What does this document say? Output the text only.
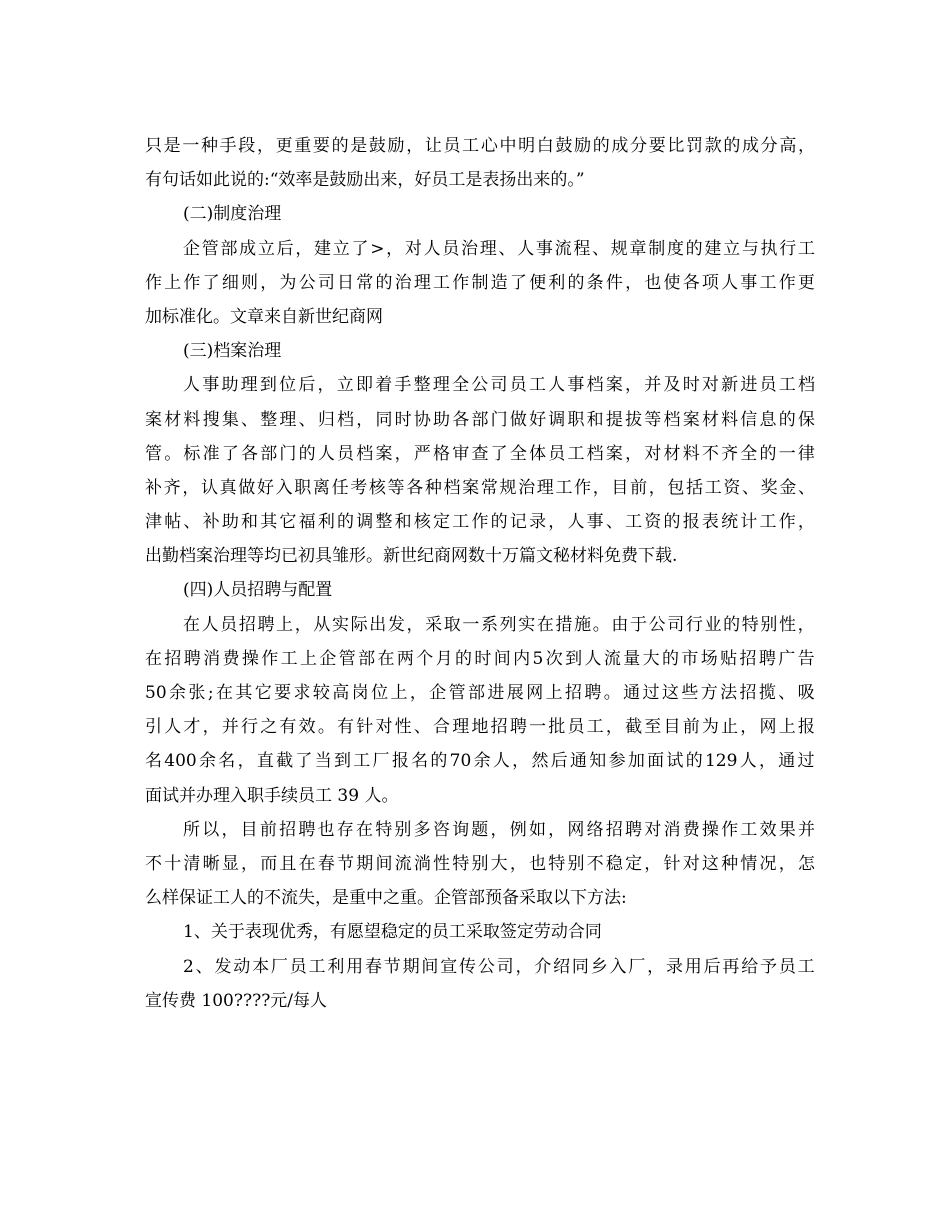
只 是 一 种 手 段 ， 更 重 要 的 是 鼓 励 ， 让 员 工 心 中 明 白 鼓 励 的 成 分 要 比 罚 款 的 成 分 高 ，
有句话如此说的:“效率是鼓励出来，好员工是表扬出来的。”
(二)制度治理
企 管 部 成 立 后 ， 建 立 了 > ， 对 人 员 治 理 、 人 事 流 程 、 规 章 制 度 的 建 立 与 执 行 工
作 上 作 了 细 则 ， 为 公 司 日 常 的 治 理 工 作 制 造 了 便 利 的 条 件 ， 也 使 各 项 人 事 工 作 更
加标准化。文章来自新世纪商网
(三)档案治理
人 事 助 理 到 位 后 ， 立 即 着 手 整 理 全 公 司 员 工 人 事 档 案 ， 并 及 时 对 新 进 员 工 档
案 材 料 搜 集 、 整 理 、 归 档 ， 同 时 协 助 各 部 门 做 好 调 职 和 提 拔 等 档 案 材 料 信 息 的 保
管 。 标 准 了 各 部 门 的 人 员 档 案 ， 严 格 审 查 了 全 体 员 工 档 案 ， 对 材 料 不 齐 全 的 一 律
补 齐 ， 认 真 做 好 入 职 离 任 考 核 等 各 种 档 案 常 规 治 理 工 作 ， 目 前 ， 包 括 工 资 、 奖 金 、
津 帖 、 补 助 和 其 它 福 利 的 调 整 和 核 定 工 作 的 记 录 ， 人 事 、 工 资 的 报 表 统 计 工 作 ，
出勤档案治理等均已初具雏形。新世纪商网数十万篇文秘材料免费下载.
(四)人员招聘与配置
在 人 员 招 聘 上 ， 从 实 际 出 发 ， 采 取 一 系 列 实 在 措 施 。 由 于 公 司 行 业 的 特 别 性 ，
在 招 聘 消 费 操 作 工 上 企 管 部 在 两 个 月 的 时 间 内 5 次 到 人 流 量 大 的 市 场 贴 招 聘 广 告
50 余 张 ; 在 其 它 要 求 较 高 岗 位 上 ， 企 管 部 进 展 网 上 招 聘 。 通 过 这 些 方 法 招 揽 、 吸
引 人 才 ， 并 行 之 有 效 。 有 针 对 性 、 合 理 地 招 聘 一 批 员 工 ， 截 至 目 前 为 止 ， 网 上 报
名 400 余 名 ， 直 截 了 当 到 工 厂 报 名 的 70 余 人 ， 然 后 通 知 参 加 面 试 的 129 人 ， 通 过
面试并办理入职手续员工 39 人。
所 以 ， 目 前 招 聘 也 存 在 特 别 多 咨 询 题 ， 例 如 ， 网 络 招 聘 对 消 费 操 作 工 效 果 并
不 十 清 晰 显 ， 而 且 在 春 节 期 间 流 淌 性 特 别 大 ， 也 特 别 不 稳 定 ， 针 对 这 种 情 况 ， 怎
么样保证工人的不流失，是重中之重。企管部预备采取以下方法:
1、关于表现优秀，有愿望稳定的员工采取签定劳动合同
2 、 发 动 本 厂 员 工 利 用 春 节 期 间 宣 传 公 司 ， 介 绍 同 乡 入 厂 ， 录 用 后 再 给 予 员 工
宣传费 100????元/每人
